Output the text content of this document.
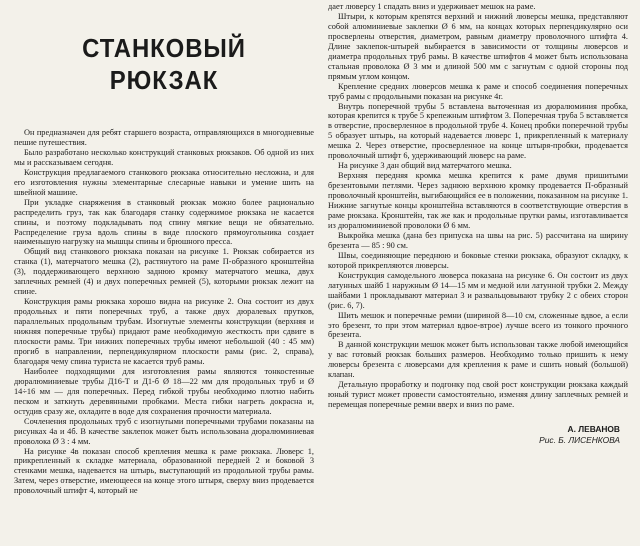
СТАНКОВЫЙ
РЮКЗАК

Он предназначен для ребят старшего возраста, отправляющихся в многодневные пешие путешествия.

Было разработано несколько конструкций станковых рюкзаков. Об одной из них мы и рассказываем сегодня.

Конструкция предлагаемого станкового рюкзака относительно несложна, и для его изготовления нужны элементарные слесарные навыки и умение шить на швейной машине.

При укладке снаряжения в станковый рюкзак можно более рационально распределить груз, так как благодаря станку содержимое рюкзака не касается спины, и поэтому подкладывать под спину мягкие вещи не обязательно. Распределение груза вдоль спины в виде плоского прямоугольника создает наименьшую нагрузку на мышцы спины и брюшного пресса.

Общий вид станкового рюкзака показан на рисунке 1. Рюкзак собирается из станка (1), матерчатого мешка (2), растянутого на раме П-образного кронштейна (3), поддерживающего верхнюю заднюю кромку матерчатого мешка, двух заплечных ремней (4) и двух поперечных ремней (5), которыми рюкзак лежит на спине.

Конструкция рамы рюкзака хорошо видна на рисунке 2. Она состоит из двух продольных и пяти поперечных труб, а также двух дюралевых прутков, параллельных продольным трубам. Изогнутые элементы конструкции (верхняя и нижняя поперечные трубы) придают раме необходимую жесткость при сдвиге в плоскости рамы. Три нижних поперечных трубы имеют небольшой (40 : 45 мм) прогиб в направлении, перпендикулярном плоскости рамы (рис. 2, справа), благодаря чему спина туриста не касается труб рамы.

Наиболее подходящими для изготовления рамы являются тонкостенные дюралюминиевые трубы Д16-Т и Д1-б Ø 18—22 мм для продольных труб и Ø 14÷16 мм — для поперечных. Перед гибкой трубы необходимо плотно набить песком и заткнуть деревянными пробками. Места гибки нагреть докрасна и, остудив сразу же, охладите в воде для сохранения прочности материала.

Сочленения продольных труб с изогнутыми поперечными трубами показаны на рисунках 4а и 4б. В качестве заклепок может быть использована дюралюминиевая проволока Ø 3 : 4 мм.

На рисунке 4в показан способ крепления мешка к раме рюкзака. Люверс 1, прикрепленный к складке материала, образованной передней 2 и боковой 3 стенками мешка, надевается на штырь, выступающий из продольной трубы рамы. Затем, через отверстие, имеющееся на конце этого штыря, сверху вниз продевается проволочный штифт 4, который не

дает люверсу 1 спадать вниз и удерживает мешок на раме.

Штыри, к которым крепятся верхний и нижний люверсы мешка, представляют собой алюминиевые заклепки Ø 6 мм, на концах которых перпендикулярно оси просверлены отверстия, диаметром, равным диаметру проволочного штифта 4. Длине заклепок-штырей выбирается в зависимости от толщины люверсов и диаметра продольных труб рамы. В качестве штифтов 4 может быть использована стальная проволока Ø 3 мм и длиной 500 мм с загнутым с одной стороны под прямым углом концом.

Крепление средних люверсов мешка к раме и способ соединения поперечных труб рамы с продольными показан на рисунке 4г.

Внутрь поперечной трубы 5 вставлена выточенная из дюралюминия пробка, которая крепится к трубе 5 крепежным штифтом 3. Поперечная труба 5 вставляется в отверстие, просверленное в продольной трубе 4. Конец пробки поперечной трубы 5 образует штырь, на который надевается люверс 1, прикрепленный к материалу мешка 2. Через отверстие, просверленное на конце штыря-пробки, продевается проволочный штифт 6, удерживающий люверс на раме.

На рисунке 3 дан общий вид матерчатого мешка.

Верхняя передняя кромка мешка крепится к раме двумя пришитыми брезентовыми петлями. Через заднюю верхнюю кромку продевается П-образный проволочный кронштейн, выгибающийся ее в положении, показанном на рисунке 1. Нижние загнутые концы кронштейна вставляются в соответствующие отверстия в раме рюкзака. Кронштейн, так же как и продольные прутки рамы, изготавливается из дюралюминиевой проволоки Ø 6 мм.

Выкройка мешка (дана без припуска на швы на рис. 5) рассчитана на ширину брезента — 85 : 90 см.

Швы, соединяющие переднюю и боковые стенки рюкзака, образуют складку, к которой прикрепляются люверсы.

Конструкция самодельного люверса показана на рисунке 6. Он состоит из двух латунных шайб 1 наружным Ø 14—15 мм и медной или латунной трубки 2. Между шайбами 1 прокладывают материал 3 и развальцовывают трубку 2 с обеих сторон (рис. 6, 7).

Шить мешок и поперечные ремни (шириной 8—10 см, сложенные вдвое, а если это брезент, то при этом материал вдвое-втрое) лучше всего из тонкого прочного брезента.

В данной конструкции мешок может быть использован также любой имеющийся у вас готовый рюкзак больших размеров. Необходимо только пришить к нему люверсы брезента с люверсами для крепления к раме и сшить новый (большой) клапан.

Детальную проработку и подгонку под свой рост конструкции рюкзака каждый юный турист может провести самостоятельно, изменяя длину заплечных ремней и перемещая поперечные ремни вверх и вниз по раме.

А. ЛЕВАНОВ
Рис. Б. ЛИСЕНКОВА
